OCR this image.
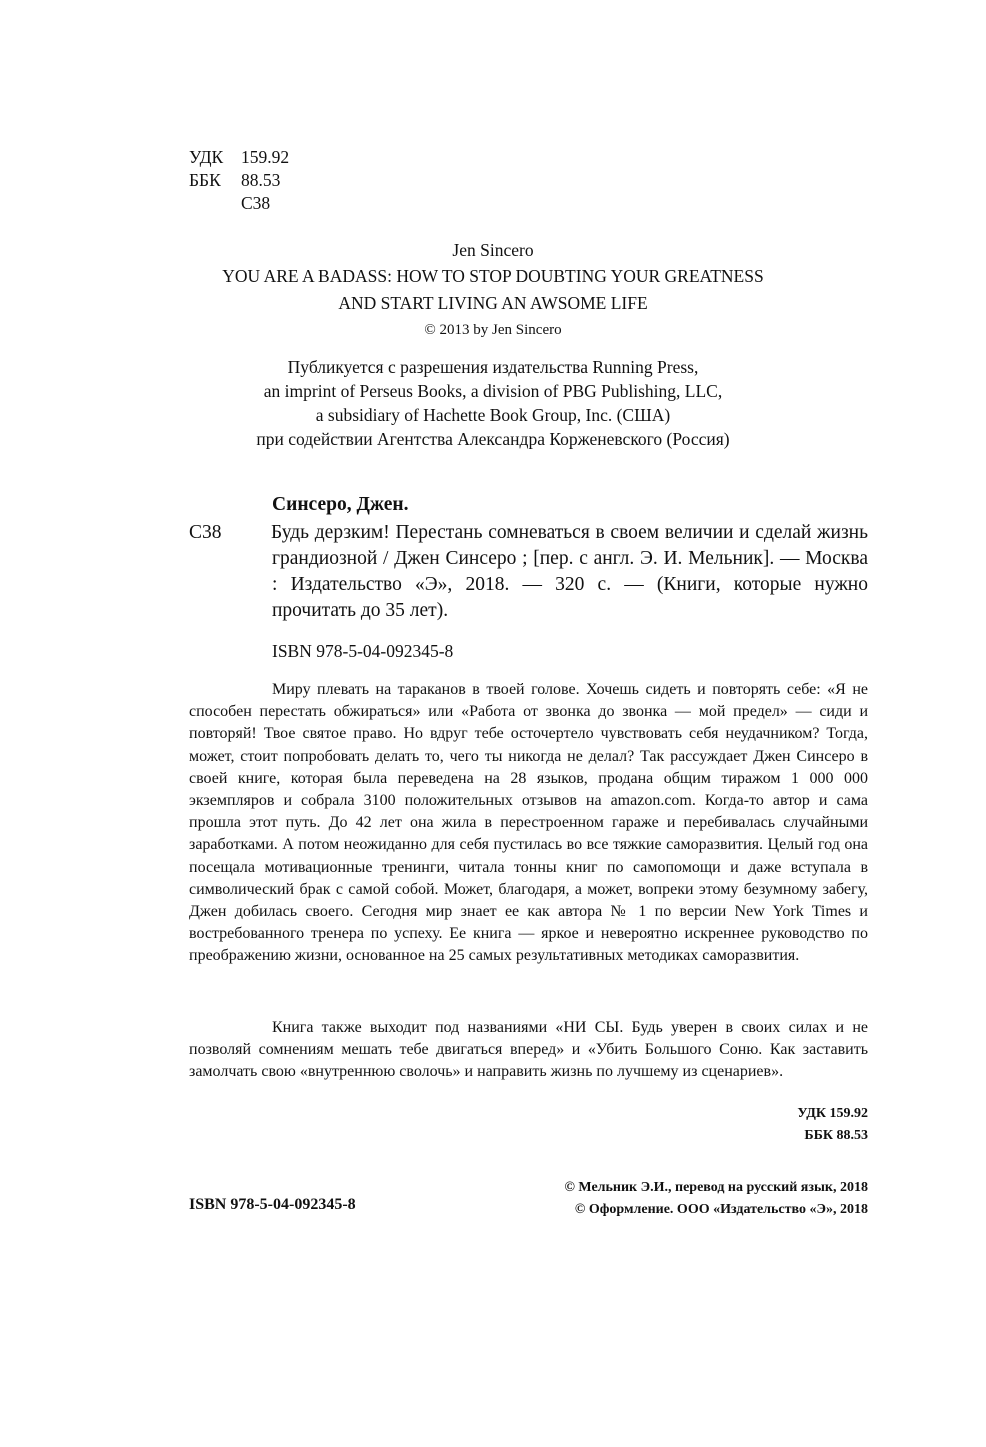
УДК	159.92
ББК	88.53
С38
Jen Sincero
YOU ARE A BADASS: HOW TO STOP DOUBTING YOUR GREATNESS
AND START LIVING AN AWSOME LIFE
© 2013 by Jen Sincero
Публикуется с разрешения издательства Running Press,
an imprint of Perseus Books, a division of PBG Publishing, LLC,
a subsidiary of Hachette Book Group, Inc. (США)
при содействии Агентства Александра Корженевского (Россия)
Синсеро, Джен.
С38	Будь дерзким! Перестань сомневаться в своем величии и сделай жизнь грандиозной / Джен Синсеро ; [пер. с англ. Э. И. Мельник]. — Москва : Издательство «Э», 2018. — 320 с. — (Книги, которые нужно прочитать до 35 лет).
ISBN 978-5-04-092345-8
Миру плевать на тараканов в твоей голове. Хочешь сидеть и повторять себе: «Я не способен перестать обжираться» или «Работа от звонка до звонка — мой предел» — сиди и повторяй! Твое святое право. Но вдруг тебе осточертело чувствовать себя неудачником? Тогда, может, стоит попробовать делать то, чего ты никогда не делал? Так рассуждает Джен Синсеро в своей книге, которая была переведена на 28 языков, продана общим тиражом 1 000 000 экземпляров и собрала 3100 положительных отзывов на amazon.com. Когда-то автор и сама прошла этот путь. До 42 лет она жила в перестроенном гараже и перебивалась случайными заработками. А потом неожиданно для себя пустилась во все тяжкие саморазвития. Целый год она посещала мотивационные тренинги, читала тонны книг по самопомощи и даже вступала в символический брак с самой собой. Может, благодаря, а может, вопреки этому безумному забегу, Джен добилась своего. Сегодня мир знает ее как автора № 1 по версии New York Times и востребованного тренера по успеху. Ее книга — яркое и невероятно искреннее руководство по преображению жизни, основанное на 25 самых результативных методиках саморазвития.
Книга также выходит под названиями «НИ СЫ. Будь уверен в своих силах и не позволяй сомнениям мешать тебе двигаться вперед» и «Убить Большого Соню. Как заставить замолчать свою «внутреннюю сволочь» и направить жизнь по лучшему из сценариев».
УДК 159.92
ББК 88.53
ISBN 978-5-04-092345-8
© Мельник Э.И., перевод на русский язык, 2018
© Оформление. ООО «Издательство «Э», 2018
